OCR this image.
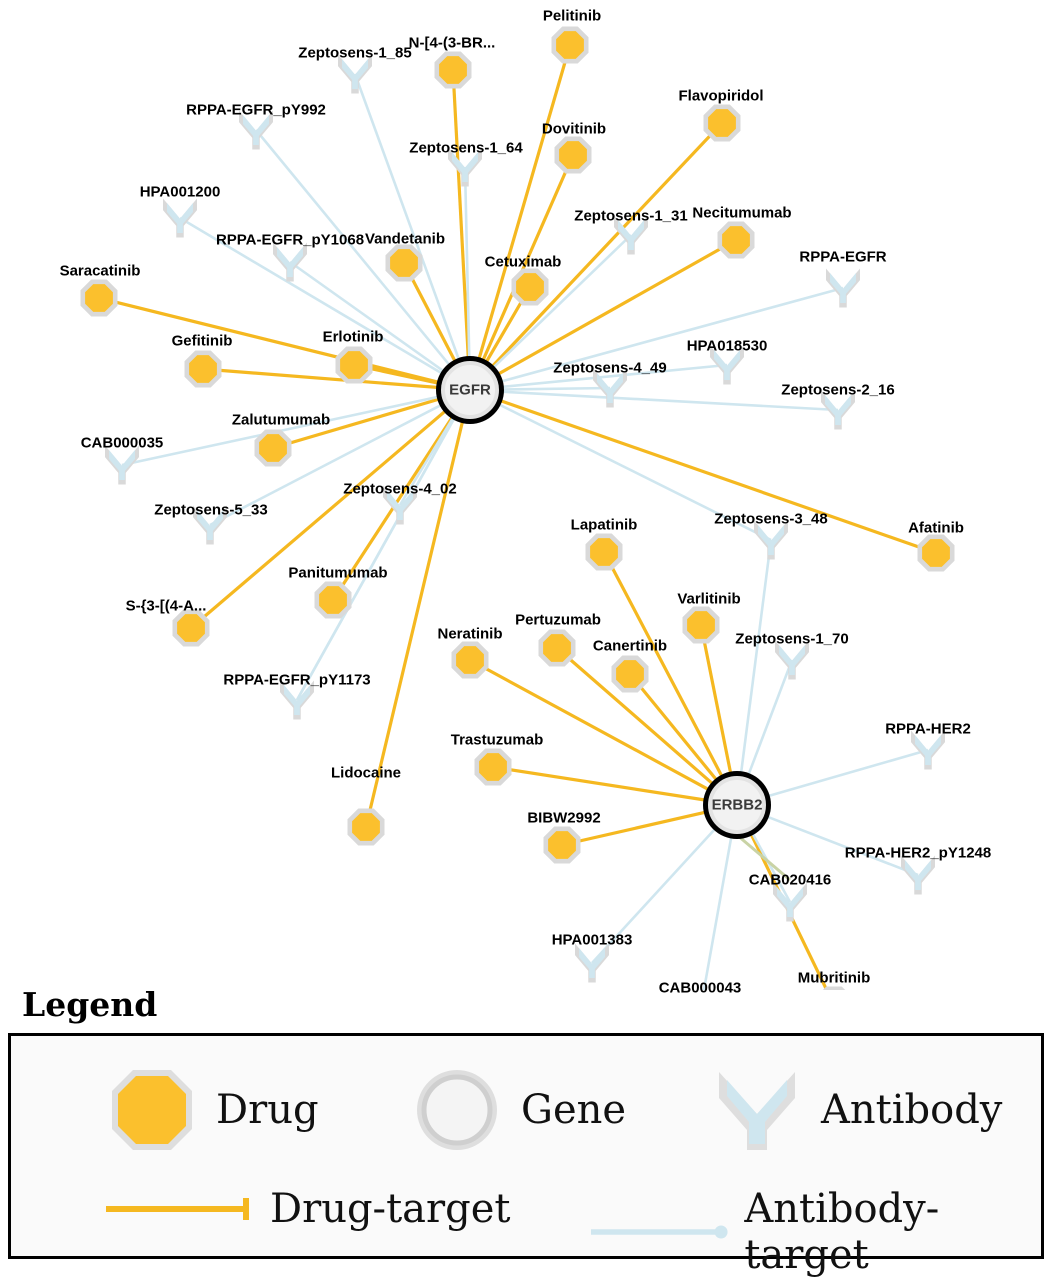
Pelitinib
N-[4-(3-BR...
Flavopiridol
Dovitinib
Necitumumab
Vandetanib
Cetuximab
Saracatinib
Gefitinib	Erlotinib
Zalutumumab
Afatinib
Lapatinib
Varlitinib
Panitumumab
S-{3-[(4-A...
Pertuzumab
Neratinib
Canertinib
Trastuzumab
Lidocaine
BIBW2992
Mubritinib
Zeptosens-1_85
RPPA-EGFR_pY992
Zeptosens-1_64
HPA001200
Zeptosens-1_31
RPPA-EGFR_pY1068
RPPA-EGFR
HPA018530
Zeptosens-4_49
Zeptosens-2_16
CAB000035
Zeptosens-5_33
Zeptosens-4_02
Zeptosens-3_48
Zeptosens-1_70
RPPA-EGFR_pY1173
RPPA-HER2
RPPA-HER2_pY1248
CAB020416
HPA001383
CAB000043
EGFR
ERBB2
Legend
Drug	Gene	Antibody
Drug-target	Antibody-target
